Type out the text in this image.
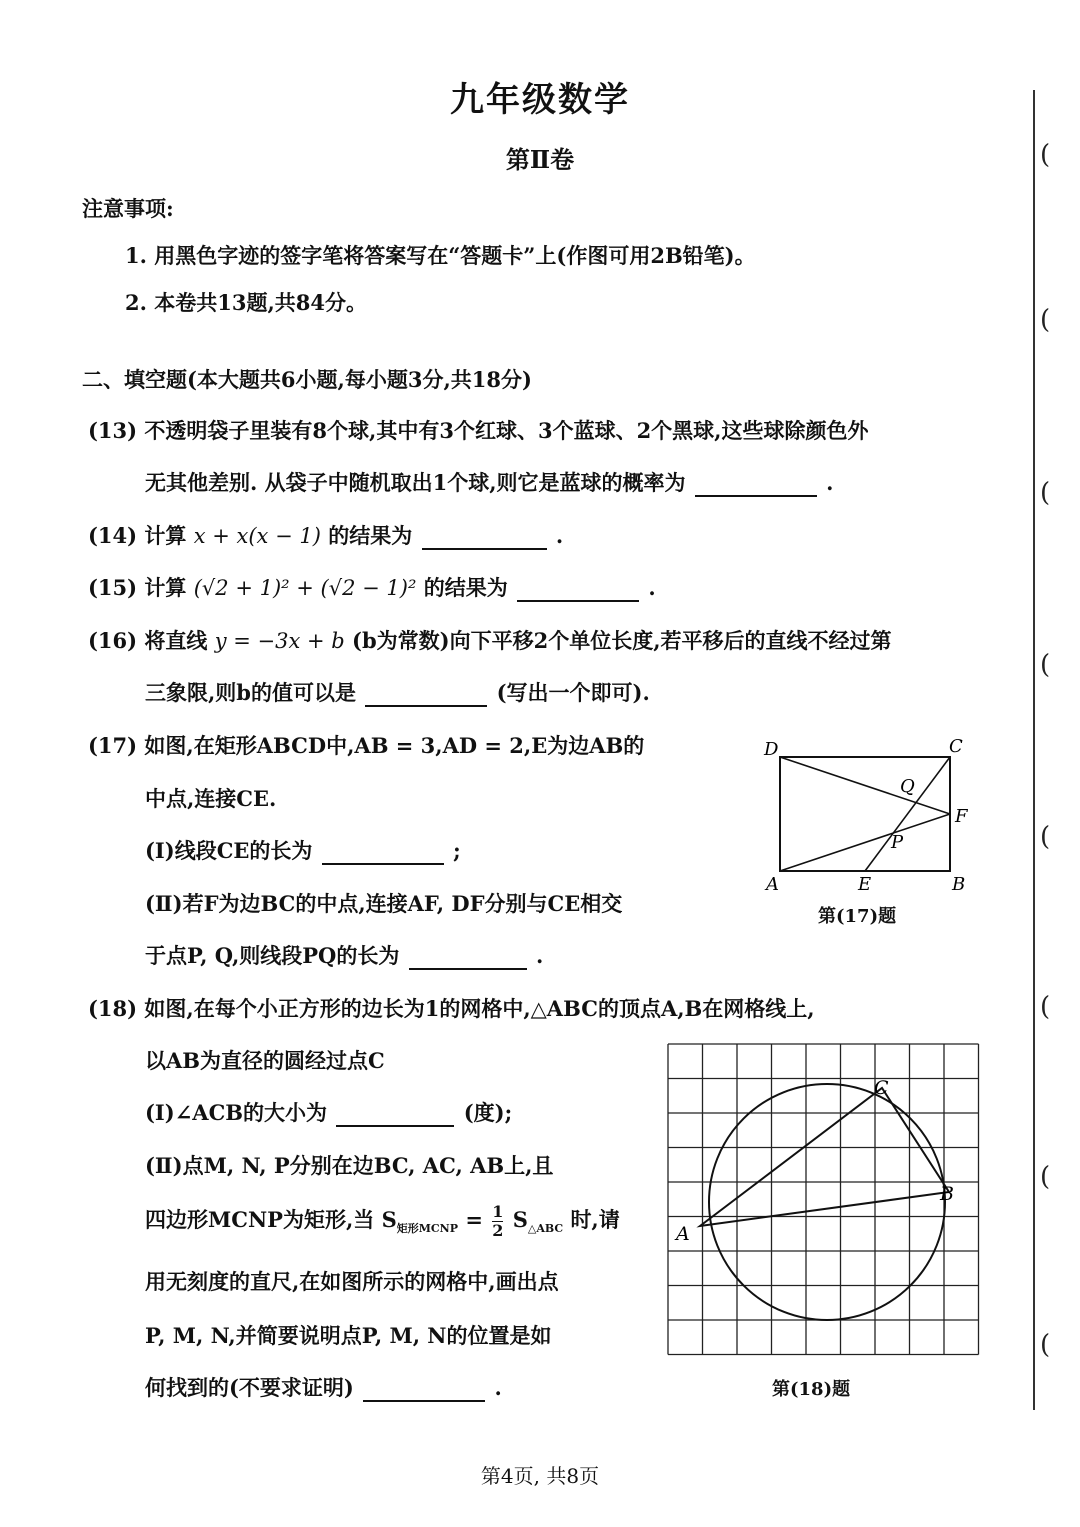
九年级数学
第Ⅱ卷
注意事项:
1. 用黑色字迹的签字笔将答案写在“答题卡”上(作图可用2B铅笔)。
2. 本卷共13题,共84分。
二、填空题(本大题共6小题,每小题3分,共18分)
(13) 不透明袋子里装有8个球,其中有3个红球、3个蓝球、2个黑球,这些球除颜色外
无其他差别. 从袋子中随机取出1个球,则它是蓝球的概率为	.
(14) 计算 x + x(x − 1) 的结果为	.
(15) 计算 (√2 + 1)² + (√2 − 1)² 的结果为	.
(16) 将直线 y = −3x + b (b为常数)向下平移2个单位长度,若平移后的直线不经过第
三象限,则b的值可以是	(写出一个即可).
(17) 如图,在矩形ABCD中,AB = 3,AD = 2,E为边AB的
中点,连接CE.
(Ⅰ)线段CE的长为	;
(Ⅱ)若F为边BC的中点,连接AF, DF分别与CE相交
于点P, Q,则线段PQ的长为	.
D	C
Q
F
P
A	E	B
第(17)题
(18) 如图,在每个小正方形的边长为1的网格中,△ABC的顶点A,B在网格线上,
以AB为直径的圆经过点C
(Ⅰ)∠ACB的大小为	(度);
(Ⅱ)点M, N, P分别在边BC, AC, AB上,且
四边形MCNP为矩形,当 $S_{矩形MCNP} = \frac{1}{2} S_{\triangle ABC}$ 时,请
用无刻度的直尺,在如图所示的网格中,画出点
P, M, N,并简要说明点P, M, N的位置是如
何找到的(不要求证明)	.
A
B
C
第(18)题
(
(
(
(
(
(
(
(
第4页, 共8页
